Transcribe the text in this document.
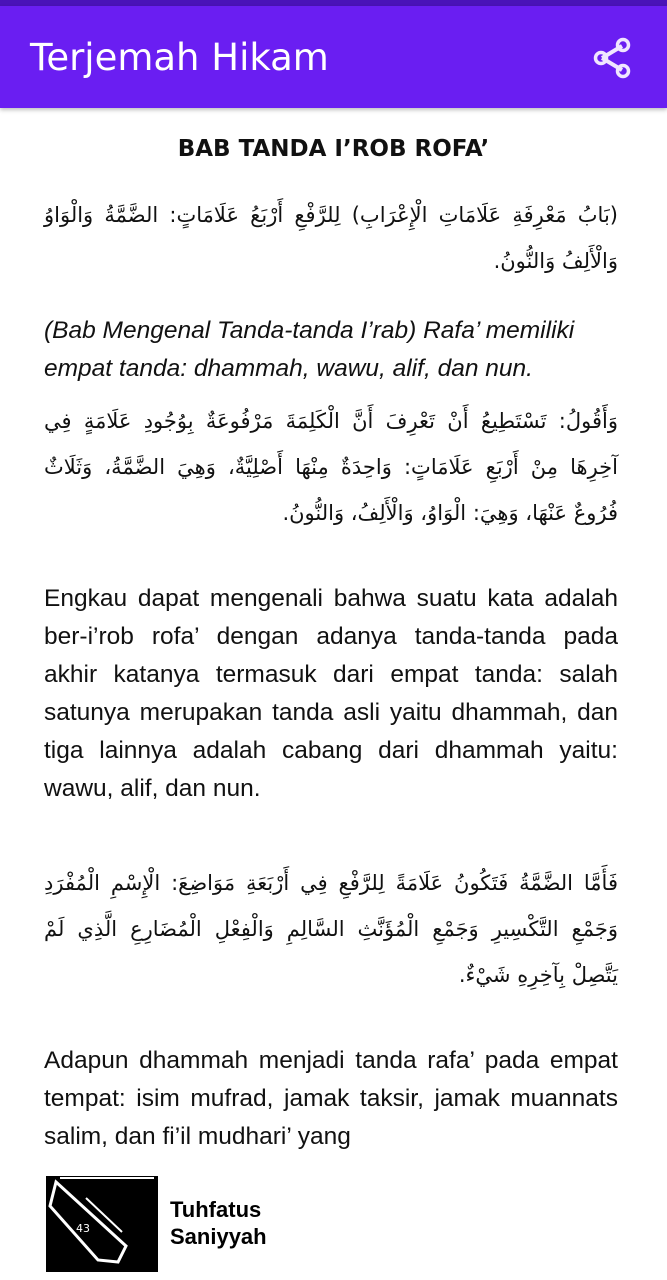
Terjemah Hikam
BAB TANDA I’ROB ROFA’
(بَابُ مَعْرِفَةِ عَلَامَاتِ الْإِعْرَابِ) لِلرَّفْعِ أَرْبَعُ عَلَامَاتٍ: الضَّمَّةُ وَالْوَاوُ وَالْأَلِفُ وَالنُّونُ.
(Bab Mengenal Tanda-tanda I’rab) Rafa’ memiliki empat tanda: dhammah, wawu, alif, dan nun.
وَأَقُولُ: تَسْتَطِيعُ أَنْ تَعْرِفَ أَنَّ الْكَلِمَةَ مَرْفُوعَةٌ بِوُجُودِ عَلَامَةٍ فِي آخِرِهَا مِنْ أَرْبَعِ عَلَامَاتٍ: وَاحِدَةٌ مِنْهَا أَصْلِيَّةٌ، وَهِيَ الضَّمَّةُ، وَثَلَاثٌ فُرُوعٌ عَنْهَا، وَهِيَ: الْوَاوُ، وَالْأَلِفُ، وَالنُّونُ.
Engkau dapat mengenali bahwa suatu kata adalah ber-i’rob rofa’ dengan adanya tanda-tanda pada akhir katanya termasuk dari empat tanda: salah satunya merupakan tanda asli yaitu dhammah, dan tiga lainnya adalah cabang dari dhammah yaitu: wawu, alif, dan nun.
فَأَمَّا الضَّمَّةُ فَتَكُونُ عَلَامَةً لِلرَّفْعِ فِي أَرْبَعَةِ مَوَاضِعَ: الْإِسْمِ الْمُفْرَدِ وَجَمْعِ التَّكْسِيرِ وَجَمْعِ الْمُؤَنَّثِ السَّالِمِ وَالْفِعْلِ الْمُضَارِعِ الَّذِي لَمْ يَتَّصِلْ بِآخِرِهِ شَيْءٌ.
Adapun dhammah menjadi tanda rafa’ pada empat tempat: isim mufrad, jamak taksir, jamak muannats salim, dan fi’il mudhari’ yang
43
Tuhfatus
Saniyyah
